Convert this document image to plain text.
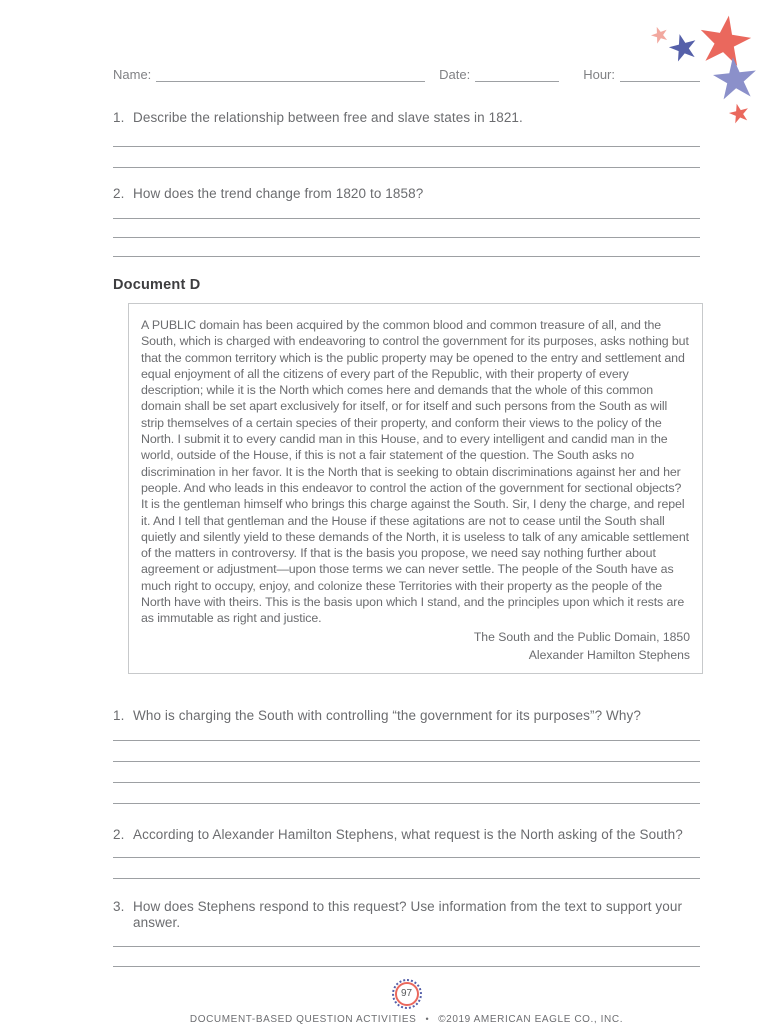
Name:	Date:	Hour:
1. Describe the relationship between free and slave states in 1821.
2. How does the trend change from 1820 to 1858?
Document D
A PUBLIC domain has been acquired by the common blood and common treasure of all, and the South, which is charged with endeavoring to control the government for its purposes, asks nothing but that the common territory which is the public property may be opened to the entry and settlement and equal enjoyment of all the citizens of every part of the Republic, with their property of every description; while it is the North which comes here and demands that the whole of this common domain shall be set apart exclusively for itself, or for itself and such persons from the South as will strip themselves of a certain species of their property, and conform their views to the policy of the North. I submit it to every candid man in this House, and to every intelligent and candid man in the world, outside of the House, if this is not a fair statement of the question. The South asks no discrimination in her favor. It is the North that is seeking to obtain discriminations against her and her people. And who leads in this endeavor to control the action of the government for sectional objects? It is the gentleman himself who brings this charge against the South. Sir, I deny the charge, and repel it. And I tell that gentleman and the House if these agitations are not to cease until the South shall quietly and silently yield to these demands of the North, it is useless to talk of any amicable settlement of the matters in controversy. If that is the basis you propose, we need say nothing further about agreement or adjustment—upon those terms we can never settle. The people of the South have as much right to occupy, enjoy, and colonize these Territories with their property as the people of the North have with theirs. This is the basis upon which I stand, and the principles upon which it rests are as immutable as right and justice.
The South and the Public Domain, 1850
Alexander Hamilton Stephens
1. Who is charging the South with controlling “the government for its purposes”? Why?
2. According to Alexander Hamilton Stephens, what request is the North asking of the South?
3. How does Stephens respond to this request? Use information from the text to support your answer.
97
DOCUMENT-BASED QUESTION ACTIVITIES • ©2019 AMERICAN EAGLE CO., INC.
